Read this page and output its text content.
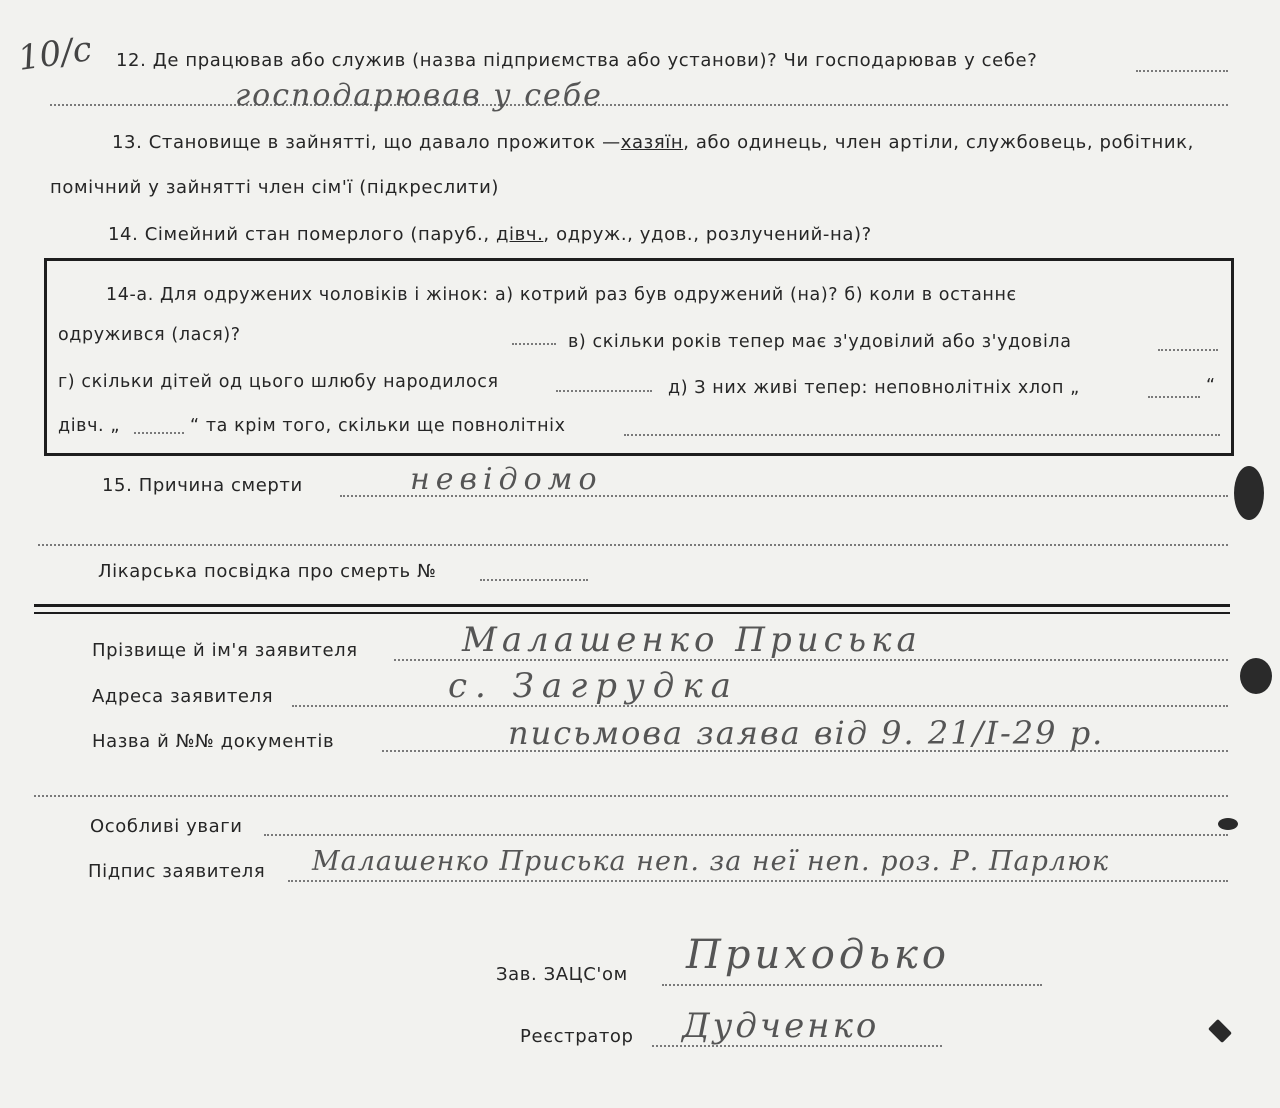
10/с 12. Де працював або служив (назва підприємства або установи)? Чи господарював у себе?
господарював у себе
13. Становище в зайнятті, що давало прожиток —хазяїн, або одинець, член артіли, службовець, робітник,
помічний у зайнятті член сім'ї (підкреслити)
14. Сімейний стан померлого (паруб., дівч., одруж., удов., розлучений-на)?
14-а. Для одружених чоловіків і жінок: а) котрий раз був одружений (на)? б) коли в останнє
одружився (лася)?	в) скільки років тепер має з'удовілий або з'удовіла
г) скільки дітей од цього шлюбу народилося	д) З них живі тепер: неповнолітніх хлоп „	“
дівч. „	“ та крім того, скільки ще повнолітніх
15. Причина смерти	невідомо
Лікарська посвідка про смерть №
Прізвище й ім'я заявителя	Малашенко Приська
Адреса заявителя	с. Загрудка
Назва й №№ документів	письмова заява від 9. 21/I-29 р.
Особливі уваги
Підпис заявителя Малашенко Приська неп. за неї неп. роз. Р. Парлюк
Зав. ЗАЦС'ом Приходько
Реєстратор Дудченко
